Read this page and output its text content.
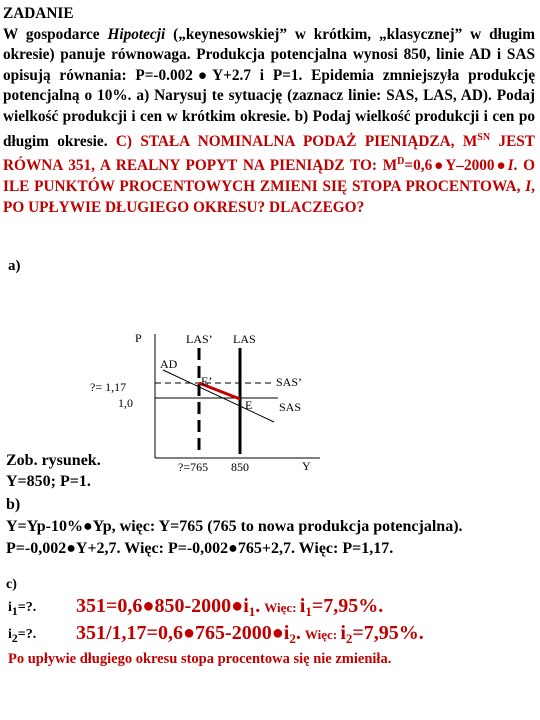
ZADANIE
W gospodarce Hipotecji („keynesowskiej” w krótkim, „klasycznej” w długim okresie) panuje równowaga. Produkcja potencjalna wynosi 850, linie AD i SAS opisują równania: P=-0.002●Y+2.7 i P=1. Epidemia zmniejszyła produkcję potencjalną o 10%. a) Narysuj te sytuację (zaznacz linie: SAS, LAS, AD). Podaj wielkość produkcji i cen w krótkim okresie. b) Podaj wielkość produkcji i cen po długim okresie. C) STAŁA NOMINALNA PODAŻ PIENIĄDZA, $M^{SN}$ JEST RÓWNA 351, A REALNY POPYT NA PIENIĄDZ TO: $M^D=0,6●Y-2000●I$. O ILE PUNKTÓW PROCENTOWYCH ZMIENI SIĘ STOPA PROCENTOWA, I, PO UPŁYWIE DŁUGIEGO OKRESU? DLACZEGO?
a)
P
Y
LAS’ LAS
SAS’
SAS
AD
E’
E
?= 1,17
1,0
?=765 850
Zob. rysunek.
Y=850; P=1.
b)
Y=Yp-10%●Yp, więc: Y=765 (765 to nowa produkcja potencjalna).
P=-0,002●Y+2,7. Więc: P=-0,002●765+2,7. Więc: P=1,17.
c)
$i_1=$?. $351=0,6●850-2000●i_1$. Więc: $i_1=7,95\%$.
$i_2=$?. $351/1,17=0,6●765-2000●i_2$. Więc: $i_2=7,95\%$.
Po upływie długiego okresu stopa procentowa się nie zmieniła.
